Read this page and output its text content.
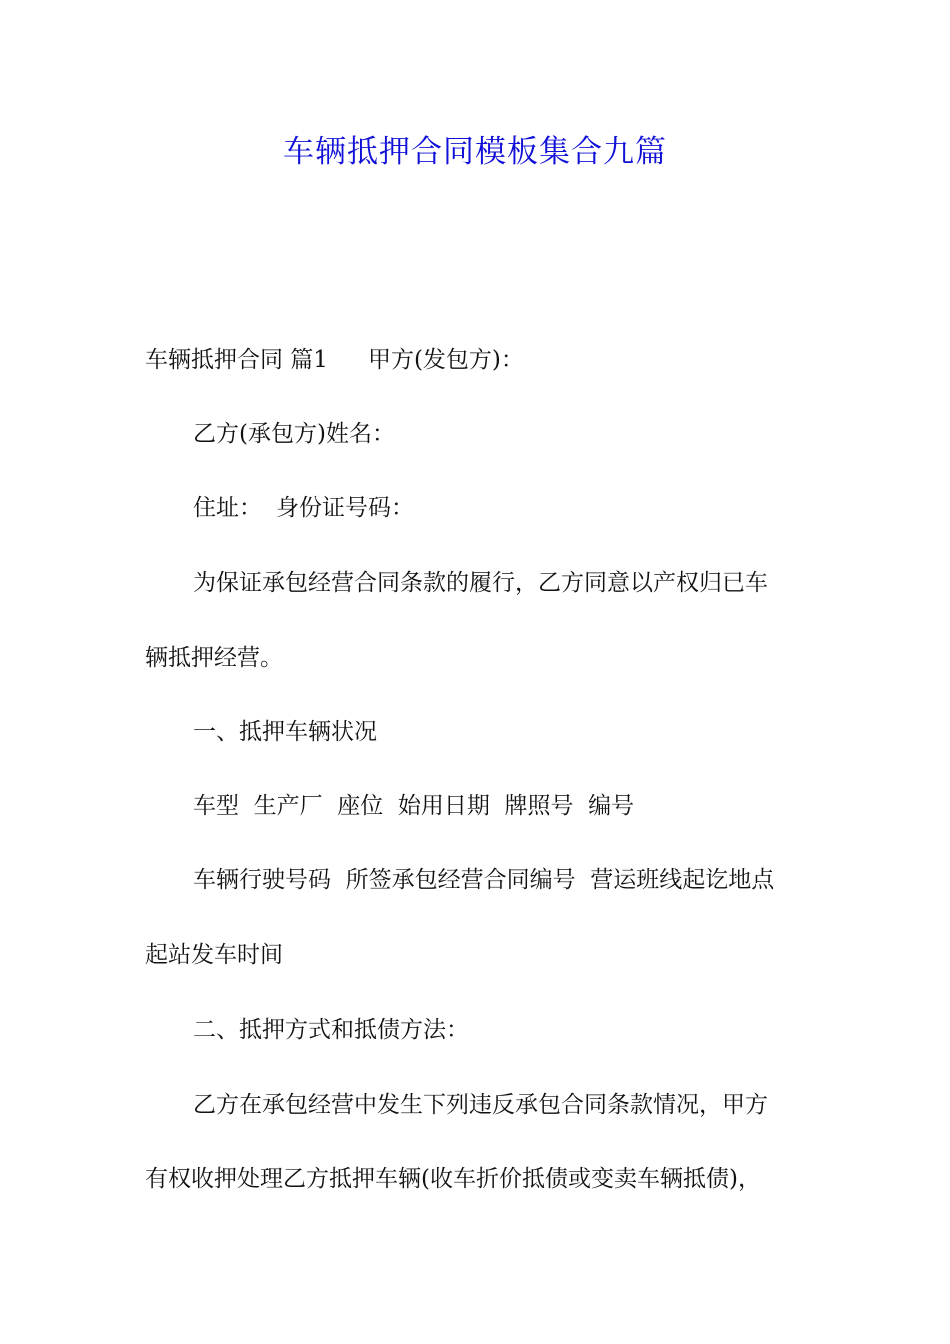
车辆抵押合同模板集合九篇
车辆抵押合同 篇1 甲方(发包方)：
乙方(承包方)姓名：
住址： 身份证号码：
为保证承包经营合同条款的履行，乙方同意以产权归已车
辆抵押经营。
一、抵押车辆状况
车型  生产厂  座位  始用日期  牌照号  编号
车辆行驶号码  所签承包经营合同编号  营运班线起讫地点
起站发车时间
二、抵押方式和抵债方法：
乙方在承包经营中发生下列违反承包合同条款情况，甲方
有权收押处理乙方抵押车辆(收车折价抵债或变卖车辆抵债)，
